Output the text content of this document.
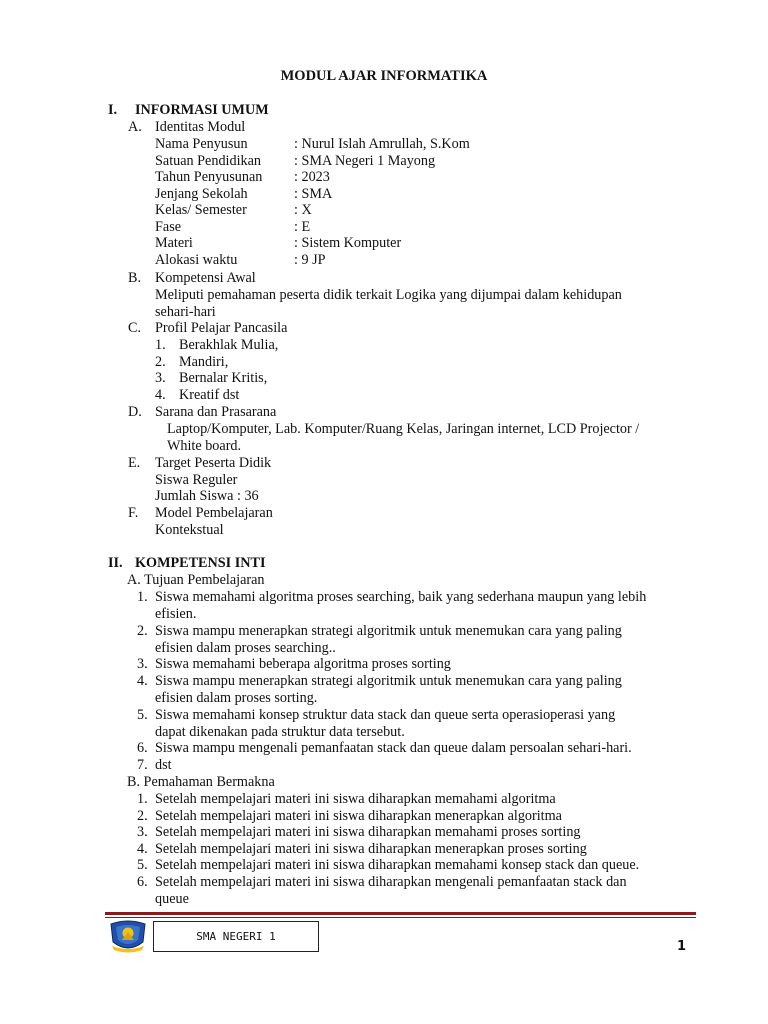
MODUL AJAR INFORMATIKA
I. INFORMASI UMUM
A. Identitas Modul
Nama Penyusun	: Nurul Islah Amrullah, S.Kom
Satuan Pendidikan : SMA Negeri 1 Mayong
Tahun Penyusunan : 2023
Jenjang Sekolah	: SMA
Kelas/ Semester	: X
Fase	: E
Materi	: Sistem Komputer
Alokasi waktu	: 9 JP
B. Kompetensi Awal
Meliputi pemahaman peserta didik terkait Logika yang dijumpai dalam kehidupan
sehari-hari
C. Profil Pelajar Pancasila
1. Berakhlak Mulia,
2. Mandiri,
3. Bernalar Kritis,
4. Kreatif dst
D. Sarana dan Prasarana
Laptop/Komputer, Lab. Komputer/Ruang Kelas, Jaringan internet, LCD Projector /
White board.
E. Target Peserta Didik
Siswa Reguler
Jumlah Siswa : 36
F. Model Pembelajaran
Kontekstual
II. KOMPETENSI INTI
A. Tujuan Pembelajaran
1. Siswa memahami algoritma proses searching, baik yang sederhana maupun yang lebih
efisien.
2. Siswa mampu menerapkan strategi algoritmik untuk menemukan cara yang paling
efisien dalam proses searching..
3. Siswa memahami beberapa algoritma proses sorting
4. Siswa mampu menerapkan strategi algoritmik untuk menemukan cara yang paling
efisien dalam proses sorting.
5. Siswa memahami konsep struktur data stack dan queue serta operasioperasi yang
dapat dikenakan pada struktur data tersebut.
6. Siswa mampu mengenali pemanfaatan stack dan queue dalam persoalan sehari-hari.
7. dst
B. Pemahaman Bermakna
1. Setelah mempelajari materi ini siswa diharapkan memahami algoritma
2. Setelah mempelajari materi ini siswa diharapkan menerapkan algoritma
3. Setelah mempelajari materi ini siswa diharapkan memahami proses sorting
4. Setelah mempelajari materi ini siswa diharapkan menerapkan proses sorting
5. Setelah mempelajari materi ini siswa diharapkan memahami konsep stack dan queue.
6. Setelah mempelajari materi ini siswa diharapkan mengenali pemanfaatan stack dan
queue
SMA NEGERI 1
1
